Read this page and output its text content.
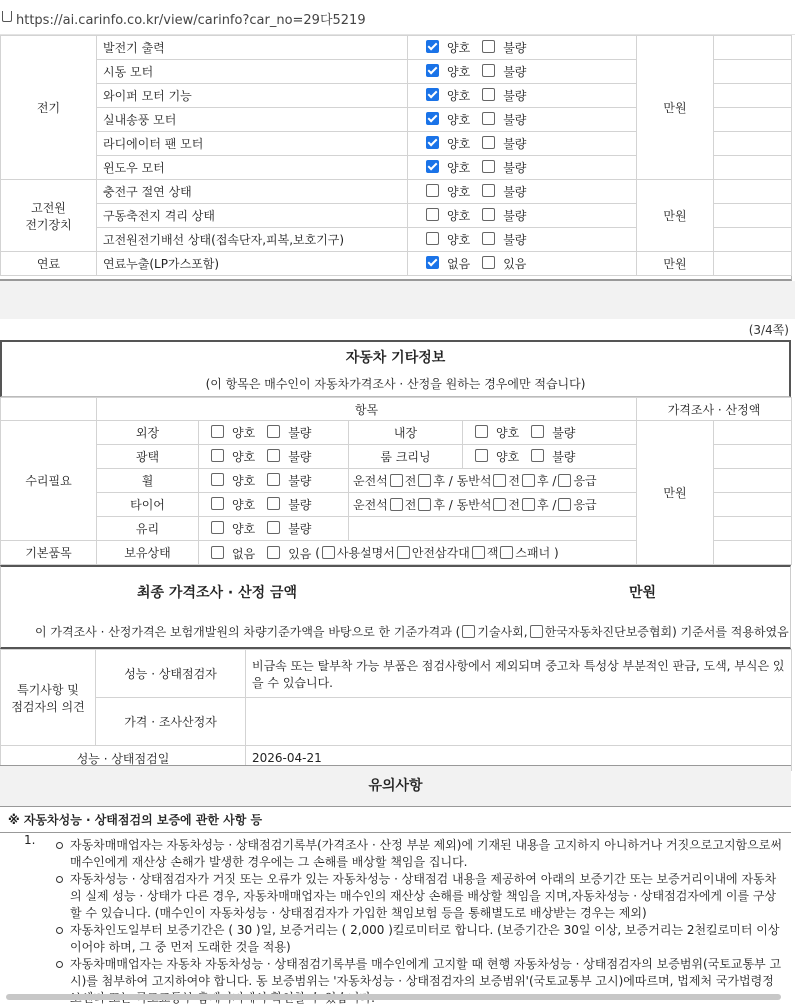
https://ai.carinfo.co.kr/view/carinfo?car_no=29다5219
전기	발전기 출력	양호 불량	만원	
	시동 모터	양호 불량		
	와이퍼 모터 기능	양호 불량		
	실내송풍 모터	양호 불량		
	라디에이터 팬 모터	양호 불량		
	윈도우 모터	양호 불량		
고전원
전기장치	충전구 절연 상태	양호 불량	만원	
	구동축전지 격리 상태	양호 불량		
	고전원전기배선 상태(접속단자,피복,보호기구)	양호 불량		
연료	연료누출(LP가스포함)	없음 있음	만원	
(3/4쪽)
자동차 기타정보
(이 항목은 매수인이 자동차가격조사 · 산정을 원하는 경우에만 적습니다)
	항목				가격조사 · 산정액	
수리필요	외장	양호 불량	내장	양호 불량	만원	
	광택	양호 불량	룸 크리닝	양호 불량		
	휠	양호 불량	운전석 전 후 / 동반석 전 후 / 응급			
	타이어	양호 불량	운전석 전 후 / 동반석 전 후 / 응급			
	유리	양호 불량				
기본품목	보유상태	없음 있음 ( 사용설명서 안전삼각대 잭 스패너 )				
최종 가격조사 · 산정 금액	만원
이 가격조사 · 산정가격은 보험개발원의 차량기준가액을 바탕으로 한 기준가격과 ( 기술사회, 한국자동차진단보증협회) 기준서를 적용하였음
특기사항 및
점검자의 의견	성능 · 상태점검자	비금속 또는 탈부착 가능 부품은 점검사항에서 제외되며 중고차 특성상 부분적인 판금, 도색, 부식은 있을 수 있습니다.
	가격 · 조사산정자	
성능 · 상태점검일		2026-04-21
유의사항
※ 자동차성능 · 상태점검의 보증에 관한 사항 등
자동차매매업자는 자동차성능 · 상태점검기록부(가격조사 · 산정 부분 제외)에 기재된 내용을 고지하지 아니하거나 거짓으로고지함으로써 매수인에게 재산상 손해가 발생한 경우에는 그 손해를 배상할 책임을 집니다.
자동차성능 · 상태점검자가 거짓 또는 오류가 있는 자동차성능 · 상태점검 내용을 제공하여 아래의 보증기간 또는 보증거리이내에 자동차의 실제 성능 · 상태가 다른 경우, 자동차매매업자는 매수인의 재산상 손해를 배상할 책임을 지며,자동차성능 · 상태점검자에게 이를 구상할 수 있습니다. (매수인이 자동차성능 · 상태점검자가 가입한 책임보험 등을 통해별도로 배상받는 경우는 제외)
자동차인도일부터 보증기간은 ( 30 )일, 보증거리는 ( 2,000 )킬로미터로 합니다. (보증기간은 30일 이상, 보증거리는 2천킬로미터 이상이어야 하며, 그 중 먼저 도래한 것을 적용)
자동차매매업자는 자동차 자동차성능 · 상태점검기록부를 매수인에게 고지할 때 현행 자동차성능 · 상태점검자의 보증범위(국토교통부 고시)를 첨부하여 고지하여야 합니다. 동 보증범위는 '자동차성능 · 상태점검자의 보증범위'(국토교통부 고시)에따르며, 법제처 국가법령정
1.
